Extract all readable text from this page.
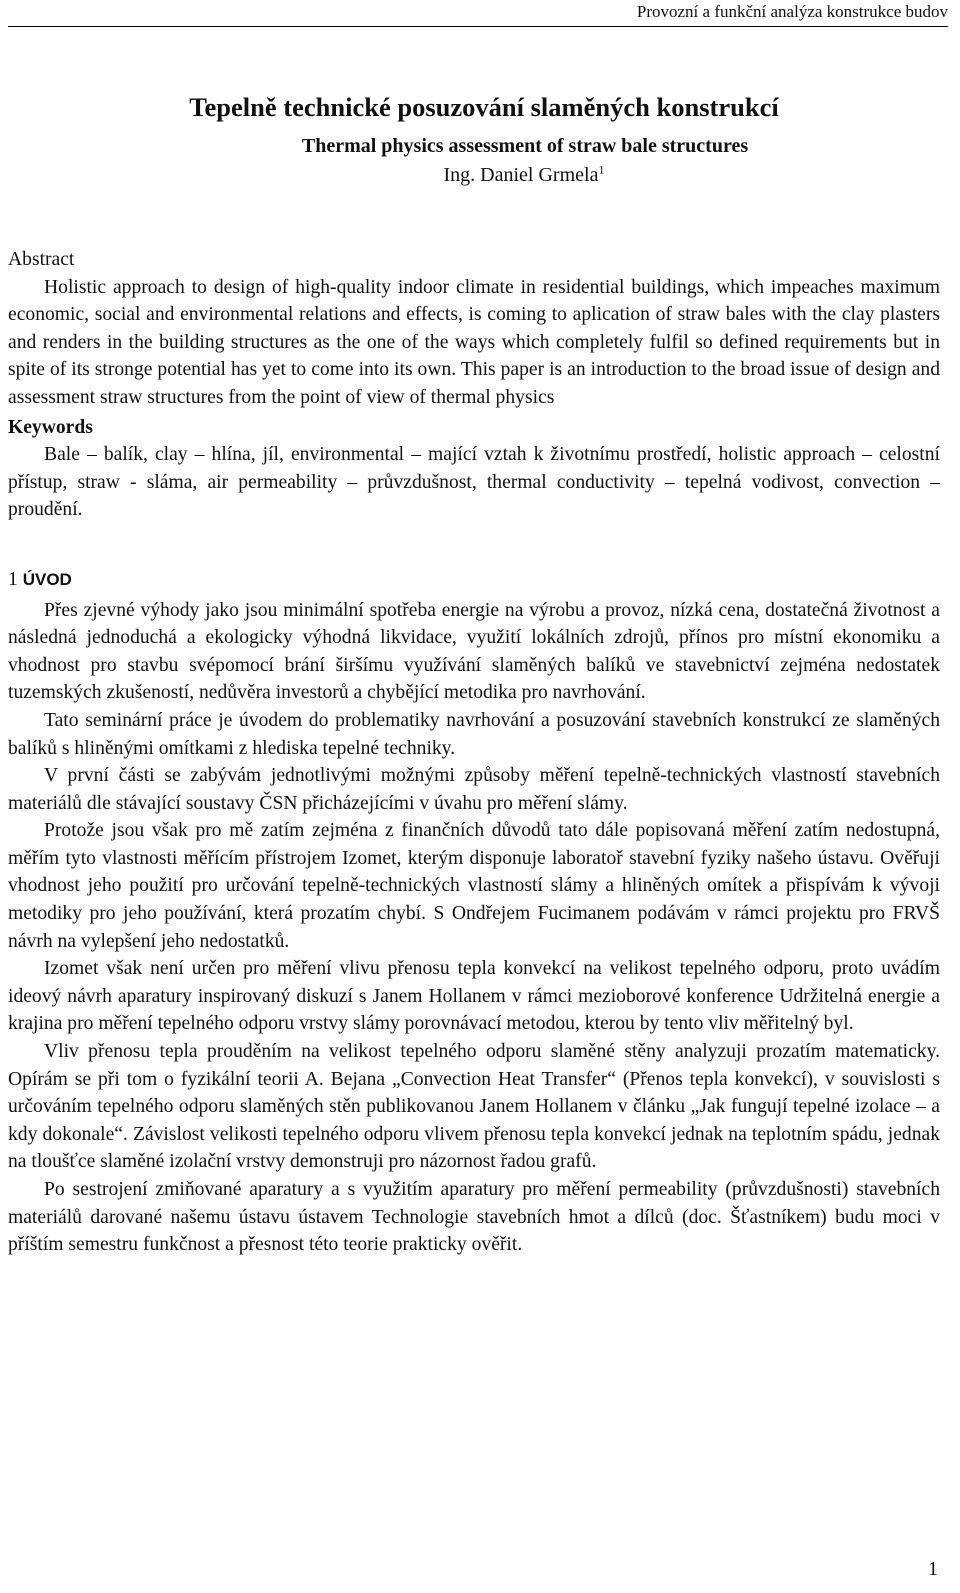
Provozní a funkční analýza konstrukce budov
Tepelně technické posuzování slaměných konstrukcí
Thermal physics assessment of straw bale structures
Ing. Daniel Grmela$^1$

Abstract

Holistic approach to design of high-quality indoor climate in residential buildings, which impeaches maximum economic, social and environmental relations and effects, is coming to aplication of straw bales with the clay plasters and renders in the building structures as the one of the ways which completely fulfil so defined requirements but in spite of its stronge potential has yet to come into its own. This paper is an introduction to the broad issue of design and assessment straw structures from the point of view of thermal physics

Keywords

Bale – balík, clay – hlína, jíl, environmental – mající vztah k životnímu prostředí, holistic approach – celostní přístup, straw - sláma, air permeability – průvzdušnost, thermal conductivity – tepelná vodivost, convection – proudění.

1 ÚVOD

Přes zjevné výhody jako jsou minimální spotřeba energie na výrobu a provoz, nízká cena, dostatečná životnost a následná jednoduchá a ekologicky výhodná likvidace, využití lokálních zdrojů, přínos pro místní ekonomiku a vhodnost pro stavbu svépomocí brání širšímu využívání slaměných balíků ve stavebnictví zejména nedostatek tuzemských zkušeností, nedůvěra investorů a chybějící metodika pro navrhování.

Tato seminární práce je úvodem do problematiky navrhování a posuzování stavebních konstrukcí ze slaměných balíků s hliněnými omítkami z hlediska tepelné techniky.

V první části se zabývám jednotlivými možnými způsoby měření tepelně-technických vlastností stavebních materiálů dle stávající soustavy ČSN přicházejícími v úvahu pro měření slámy.

Protože jsou však pro mě zatím zejména z finančních důvodů tato dále popisovaná měření zatím nedostupná, měřím tyto vlastnosti měřícím přístrojem Izomet, kterým disponuje laboratoř stavební fyziky našeho ústavu. Ověřuji vhodnost jeho použití pro určování tepelně-technických vlastností slámy a hliněných omítek a přispívám k vývoji metodiky pro jeho používání, která prozatím chybí. S Ondřejem Fucimanem podávám v rámci projektu pro FRVŠ návrh na vylepšení jeho nedostatků.

Izomet však není určen pro měření vlivu přenosu tepla konvekcí na velikost tepelného odporu, proto uvádím ideový návrh aparatury inspirovaný diskuzí s Janem Hollanem v rámci mezioborové konference Udržitelná energie a krajina pro měření tepelného odporu vrstvy slámy porovnávací metodou, kterou by tento vliv měřitelný byl.

Vliv přenosu tepla prouděním na velikost tepelného odporu slaměné stěny analyzuji prozatím matematicky. Opírám se při tom o fyzikální teorii A. Bejana „Convection Heat Transfer“ (Přenos tepla konvekcí), v souvislosti s určováním tepelného odporu slaměných stěn publikovanou Janem Hollanem v článku „Jak fungují tepelné izolace – a kdy dokonale“. Závislost velikosti tepelného odporu vlivem přenosu tepla konvekcí jednak na teplotním spádu, jednak na tloušťce slaměné izolační vrstvy demonstruji pro názornost řadou grafů.

Po sestrojení zmiňované aparatury a s využitím aparatury pro měření permeability (průvzdušnosti) stavebních materiálů darované našemu ústavu ústavem Technologie stavebních hmot a dílců (doc. Šťastníkem) budu moci v příštím semestru funkčnost a přesnost této teorie prakticky ověřit.

1
